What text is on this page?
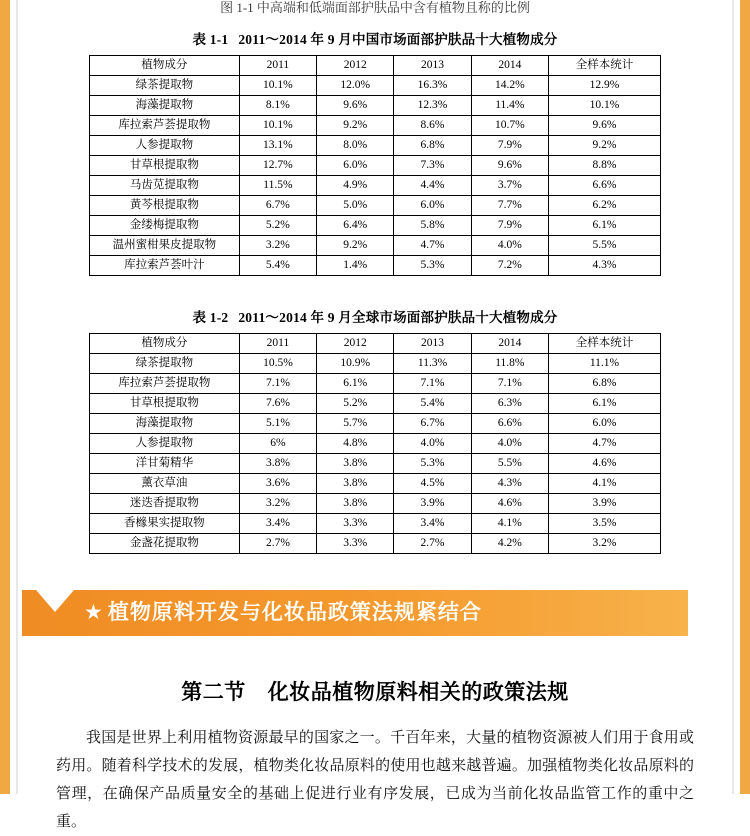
图 1-1 中高端和低端面部护肤品中含有植物且称的比例
表 1-1 2011～2014 年 9 月中国市场面部护肤品十大植物成分
植物成分	2011	2012	2013	2014	全样本统计
绿茶提取物	10.1%	12.0%	16.3%	14.2%	12.9%
海藻提取物	8.1%	9.6%	12.3%	11.4%	10.1%
库拉索芦荟提取物	10.1%	9.2%	8.6%	10.7%	9.6%
人参提取物	13.1%	8.0%	6.8%	7.9%	9.2%
甘草根提取物	12.7%	6.0%	7.3%	9.6%	8.8%
马齿苋提取物	11.5%	4.9%	4.4%	3.7%	6.6%
黄芩根提取物	6.7%	5.0%	6.0%	7.7%	6.2%
金缕梅提取物	5.2%	6.4%	5.8%	7.9%	6.1%
温州蜜柑果皮提取物	3.2%	9.2%	4.7%	4.0%	5.5%
库拉索芦荟叶汁	5.4%	1.4%	5.3%	7.2%	4.3%
表 1-2 2011～2014 年 9 月全球市场面部护肤品十大植物成分
植物成分	2011	2012	2013	2014	全样本统计
绿茶提取物	10.5%	10.9%	11.3%	11.8%	11.1%
库拉索芦荟提取物	7.1%	6.1%	7.1%	7.1%	6.8%
甘草根提取物	7.6%	5.2%	5.4%	6.3%	6.1%
海藻提取物	5.1%	5.7%	6.7%	6.6%	6.0%
人参提取物	6%	4.8%	4.0%	4.0%	4.7%
洋甘菊精华	3.8%	3.8%	5.3%	5.5%	4.6%
薰衣草油	3.6%	3.8%	4.5%	4.3%	4.1%
迷迭香提取物	3.2%	3.8%	3.9%	4.6%	3.9%
香橼果实提取物	3.4%	3.3%	3.4%	4.1%	3.5%
金盏花提取物	2.7%	3.3%	2.7%	4.2%	3.2%
★ 植物原料开发与化妆品政策法规紧结合
第二节 化妆品植物原料相关的政策法规
我国是世界上利用植物资源最早的国家之一。千百年来，大量的植物资源被人们用于食用或药用。随着科学技术的发展，植物类化妆品原料的使用也越来越普遍。加强植物类化妆品原料的管理，在确保产品质量安全的基础上促进行业有序发展，已成为当前化妆品监管工作的重中之重。
